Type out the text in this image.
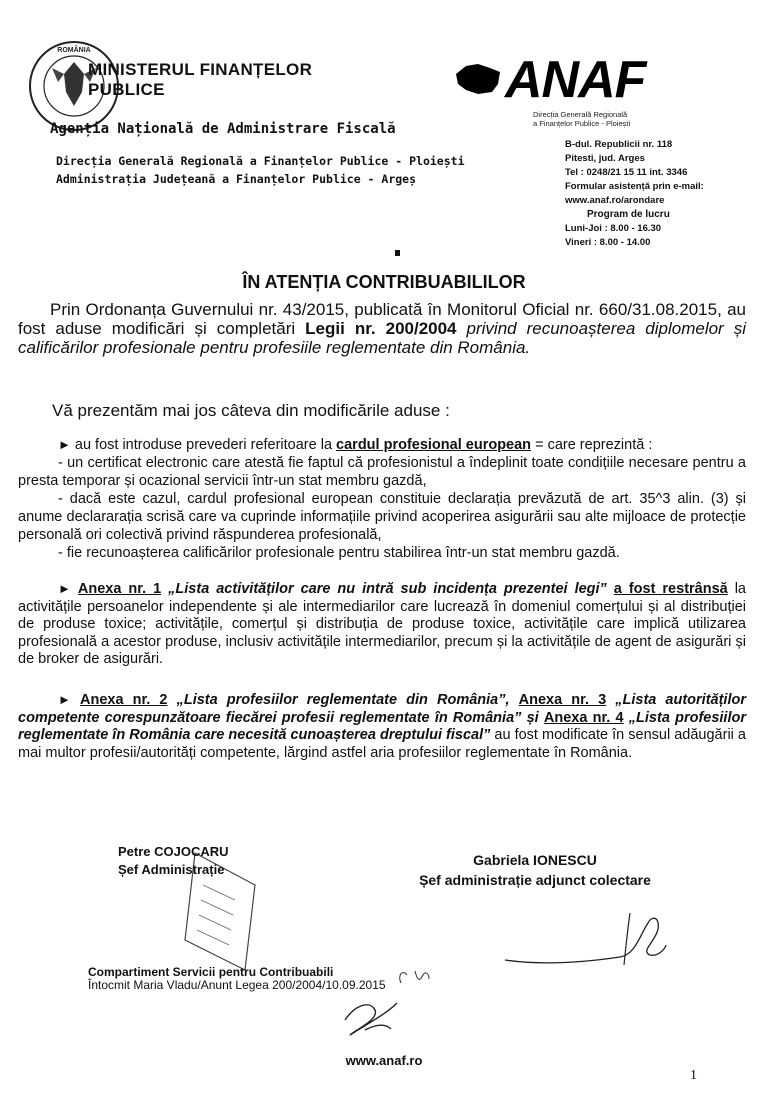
ROMÂNIA
MINISTERUL FINANȚELOR
PUBLICE
Agenția Națională de Administrare Fiscală
Direcția Generală Regională a Finanțelor Publice - Ploiești
Administrația Județeană a Finanțelor Publice - Argeș
ANAF
Direcția Generală Regională
a Finanțelor Publice - Ploiești
B-dul. Republicii nr. 118
Pitesti, jud. Arges
Tel : 0248/21 15 11 int. 3346
Formular asistență prin e-mail:
www.anaf.ro/arondare
Program de lucru
Luni-Joi : 8.00 - 16.30
Vineri : 8.00 - 14.00
ÎN ATENȚIA CONTRIBUABILILOR
Prin Ordonanța Guvernului nr. 43/2015, publicată în Monitorul Oficial nr. 660/31.08.2015, au fost aduse modificări și completări Legii nr. 200/2004 privind recunoașterea diplomelor și calificărilor profesionale pentru profesiile reglementate din România.
Vă prezentăm mai jos câteva din modificările aduse :
► au fost introduse prevederi referitoare la cardul profesional european = care reprezintă :
- un certificat electronic care atestă fie faptul că profesionistul a îndeplinit toate condițiile necesare pentru a presta temporar și ocazional servicii într-un stat membru gazdă,
- dacă este cazul, cardul profesional european constituie declarația prevăzută de art. 35^3 alin. (3) și anume declararația scrisă care va cuprinde informațiile privind acoperirea asigurării sau alte mijloace de protecție personală ori colectivă privind răspunderea profesională,
- fie recunoașterea calificărilor profesionale pentru stabilirea într-un stat membru gazdă.
► Anexa nr. 1 „Lista activităților care nu intră sub incidența prezentei legi” a fost restrânsă la activitățile persoanelor independente și ale intermediarilor care lucrează în domeniul comerțului și al distribuției de produse toxice; activitățile, comerțul și distribuția de produse toxice, activitățile care implică utilizarea profesională a acestor produse, inclusiv activitățile intermediarilor, precum și la activitățile de agent de asigurări și de broker de asigurări.
► Anexa nr. 2 „Lista profesiilor reglementate din România”, Anexa nr. 3 „Lista autorităților competente corespunzătoare fiecărei profesii reglementate în România” și Anexa nr. 4 „Lista profesiilor reglementate în România care necesită cunoașterea dreptului fiscal” au fost modificate în sensul adăugării a mai multor profesii/autorități competente, lărgind astfel aria profesiilor reglementate în România.
Petre COJOCARU
Șef Administrație
Gabriela IONESCU
Șef administrație adjunct colectare
Compartiment Servicii pentru Contribuabili
Întocmit Maria Vladu/Anunt Legea 200/2004/10.09.2015
www.anaf.ro
1
